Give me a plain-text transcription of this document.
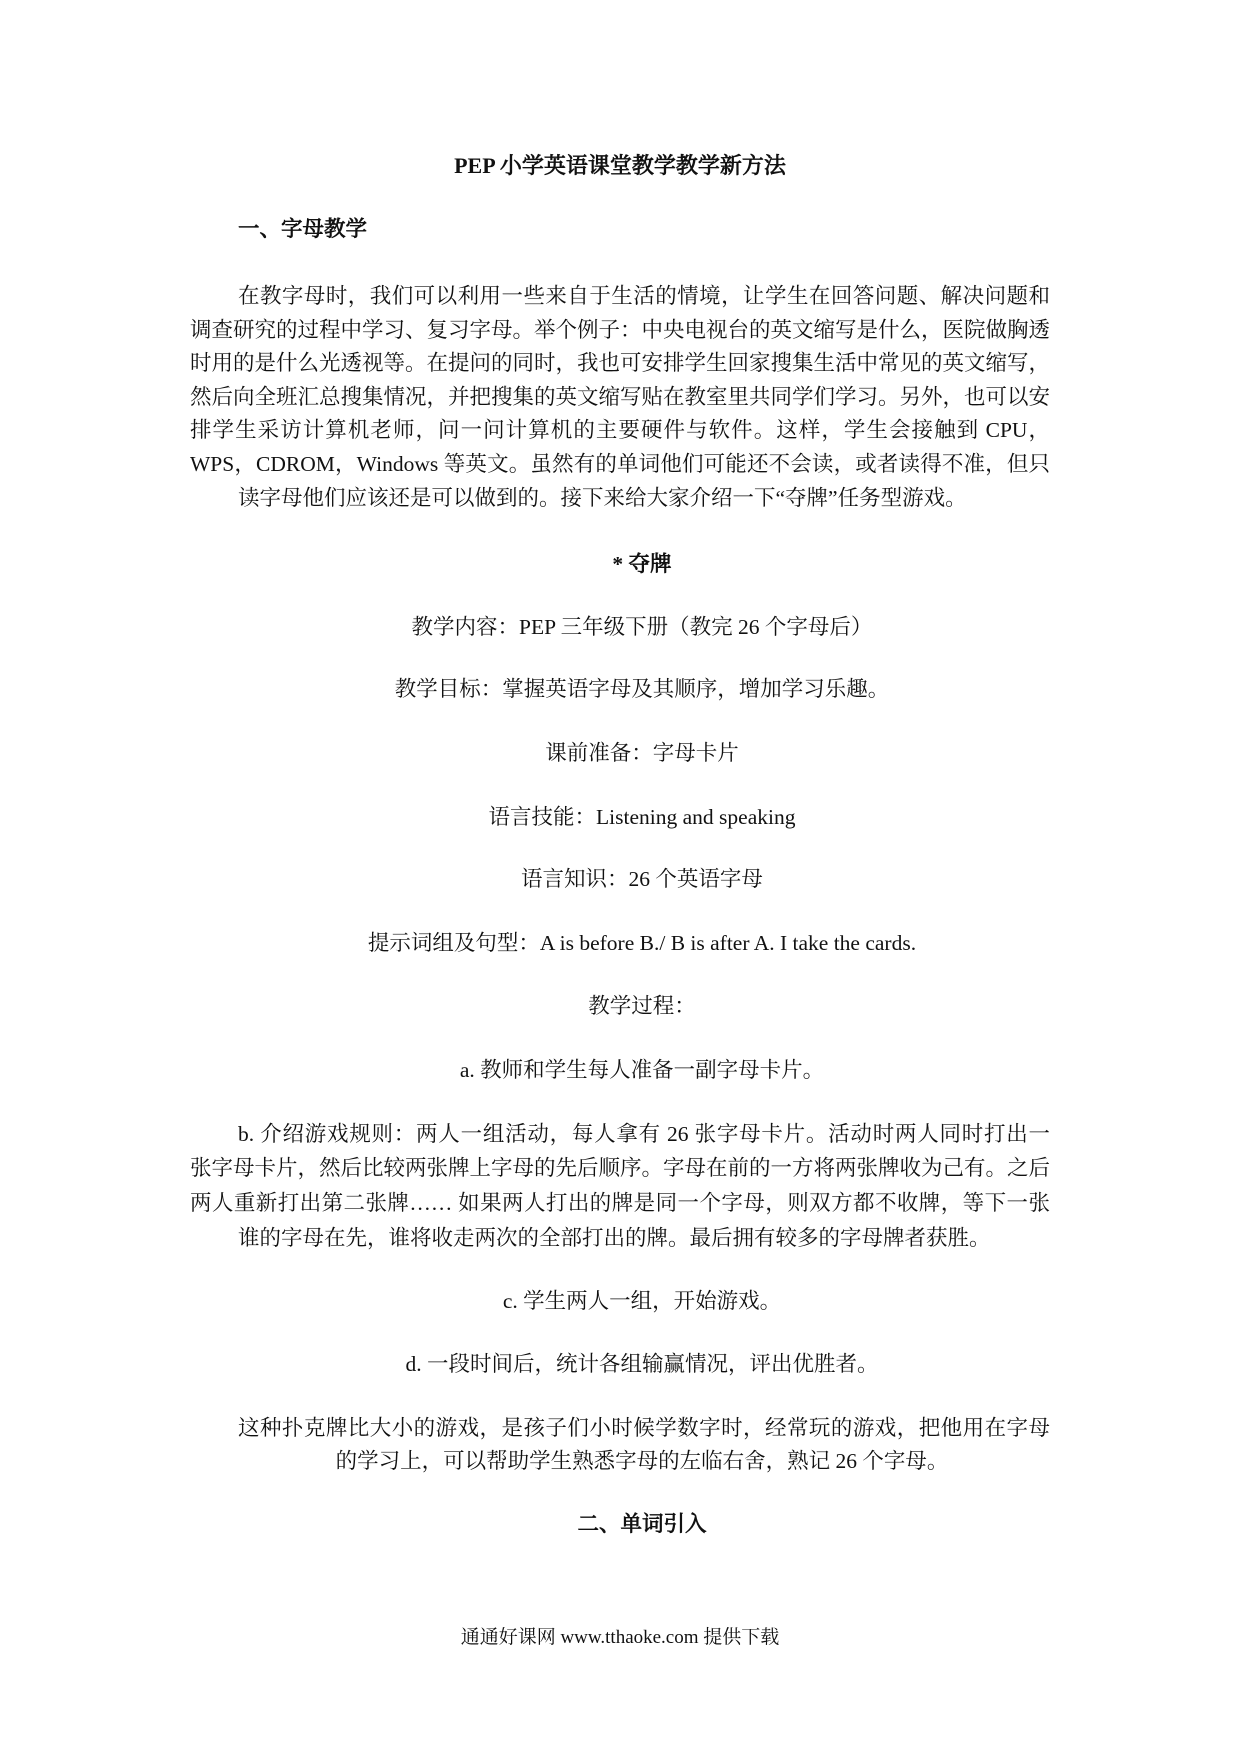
PEP 小学英语课堂教学教学新方法
一、字母教学
在教字母时，我们可以利用一些来自于生活的情境，让学生在回答问题、解决问题和
调查研究的过程中学习、复习字母。举个例子：中央电视台的英文缩写是什么，医院做胸透
时用的是什么光透视等。在提问的同时，我也可安排学生回家搜集生活中常见的英文缩写，
然后向全班汇总搜集情况，并把搜集的英文缩写贴在教室里共同学们学习。另外，也可以安
排学生采访计算机老师，问一问计算机的主要硬件与软件。这样，学生会接触到 CPU，
WPS，CDROM，Windows 等英文。虽然有的单词他们可能还不会读，或者读得不准，但只
读字母他们应该还是可以做到的。接下来给大家介绍一下“夺牌”任务型游戏。
* 夺牌
教学内容：PEP 三年级下册（教完 26 个字母后）
教学目标：掌握英语字母及其顺序，增加学习乐趣。
课前准备：字母卡片
语言技能：Listening and speaking
语言知识：26 个英语字母
提示词组及句型：A is before B./ B is after A. I take the cards.
教学过程：
a. 教师和学生每人准备一副字母卡片。
b. 介绍游戏规则：两人一组活动，每人拿有 26 张字母卡片。活动时两人同时打出一
张字母卡片，然后比较两张牌上字母的先后顺序。字母在前的一方将两张牌收为己有。之后
两人重新打出第二张牌…… 如果两人打出的牌是同一个字母，则双方都不收牌，等下一张
谁的字母在先，谁将收走两次的全部打出的牌。最后拥有较多的字母牌者获胜。
c. 学生两人一组，开始游戏。
d. 一段时间后，统计各组输赢情况，评出优胜者。
这种扑克牌比大小的游戏，是孩子们小时候学数字时，经常玩的游戏，把他用在字母
的学习上，可以帮助学生熟悉字母的左临右舍，熟记 26 个字母。
二、单词引入
通通好课网 www.tthaoke.com 提供下载
